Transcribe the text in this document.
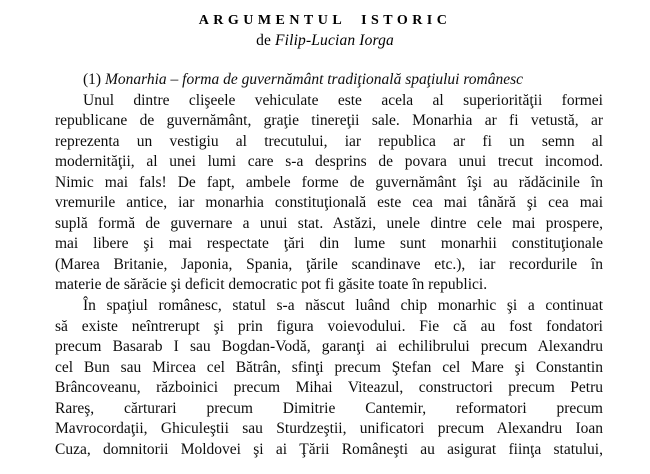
ARGUMENTUL ISTORIC
de Filip-Lucian Iorga
(1) Monarhia – forma de guvernământ tradiţională spaţiului românesc
Unul dintre clişeele vehiculate este acela al superiorităţii formei
republicane de guvernământ, graţie tinereţii sale. Monarhia ar fi vetustă, ar
reprezenta un vestigiu al trecutului, iar republica ar fi un semn al
modernităţii, al unei lumi care s-a desprins de povara unui trecut incomod.
Nimic mai fals! De fapt, ambele forme de guvernământ îşi au rădăcinile în
vremurile antice, iar monarhia constituţională este cea mai tânără şi cea mai
suplă formă de guvernare a unui stat. Astăzi, unele dintre cele mai prospere,
mai libere şi mai respectate ţări din lume sunt monarhii constituţionale
(Marea Britanie, Japonia, Spania, ţările scandinave etc.), iar recordurile în
materie de sărăcie şi deficit democratic pot fi găsite toate în republici.
În spaţiul românesc, statul s-a născut luând chip monarhic şi a continuat
să existe neîntrerupt şi prin figura voievodului. Fie că au fost fondatori
precum Basarab I sau Bogdan-Vodă, garanţi ai echilibrului precum Alexandru
cel Bun sau Mircea cel Bătrân, sfinţi precum Ştefan cel Mare şi Constantin
Brâncoveanu, războinici precum Mihai Viteazul, constructori precum Petru
Rareş, cărturari precum Dimitrie Cantemir, reformatori precum
Mavrocordaţii, Ghiculeştii sau Sturdzeştii, unificatori precum Alexandru Ioan
Cuza, domnitorii Moldovei şi ai Ţării Româneşti au asigurat fiinţa statului,
